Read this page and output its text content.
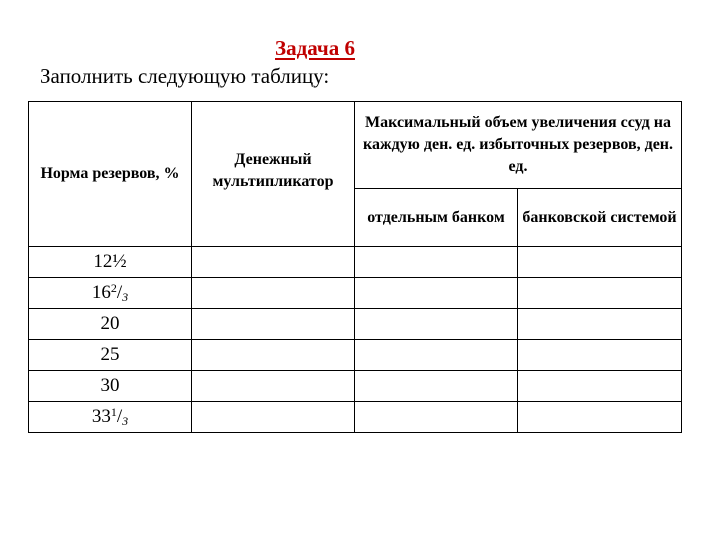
Задача 6
Заполнить следующую таблицу:
Норма резервов, %	Денежный мультипликатор	Максимальный объем увеличения ссуд на каждую ден. ед. избыточных резервов, ден. ед.	
		отдельным банком	банковской системой
12½			
$16^2/_3$			
20			
25			
30			
$33^1/_3$			
